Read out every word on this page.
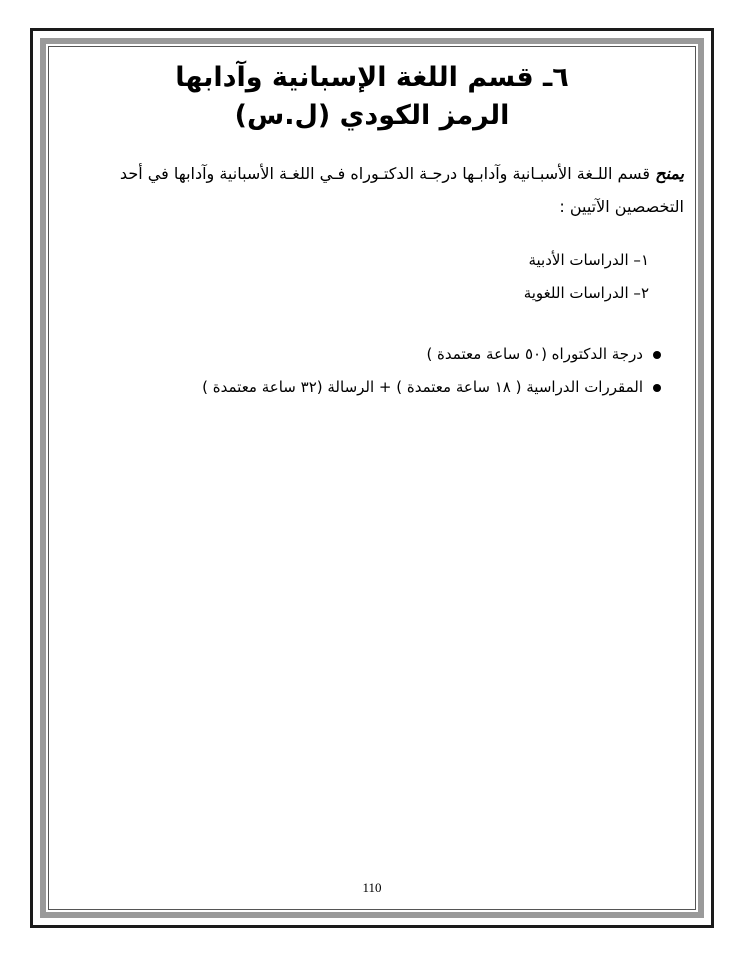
٦ـ قسم اللغة الإسبانية وآدابها
الرمز الكودي (ل.س)
يمنح قسم اللـغة الأسبـانية وآدابـها درجـة الدكتـوراه فـي اللغـة الأسبانية وآدابها في أحد التخصصين الآتيين :
١– الدراسات الأدبية
٢– الدراسات اللغوية
درجة الدكتوراه (٥٠ ساعة معتمدة )
المقررات الدراسية ( ١٨ ساعة معتمدة ) + الرسالة (٣٢ ساعة معتمدة )
110
